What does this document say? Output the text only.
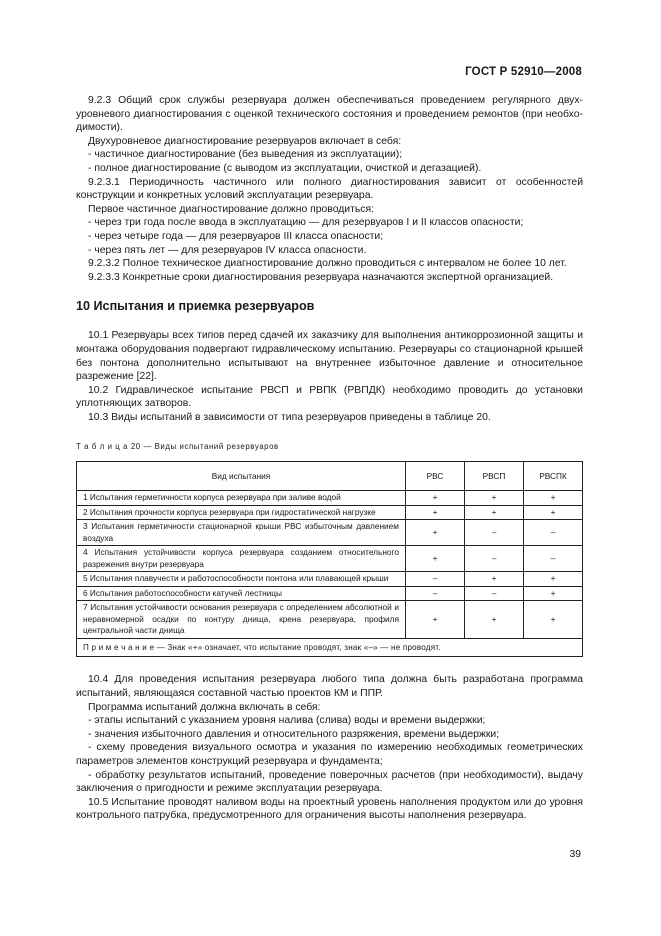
ГОСТ Р 52910—2008

9.2.3 Общий срок службы резервуара должен обеспечиваться проведением регулярного двухуровневого диагностирования с оценкой технического состояния и проведением ремонтов (при необходимости).

Двухуровневое диагностирование резервуаров включает в себя:

- частичное диагностирование (без выведения из эксплуатации);

- полное диагностирование (с выводом из эксплуатации, очисткой и дегазацией).

9.2.3.1 Периодичность частичного или полного диагностирования зависит от особенностей конструкции и конкретных условий эксплуатации резервуара.

Первое частичное диагностирование должно проводиться:

- через три года после ввода в эксплуатацию — для резервуаров I и II классов опасности;

- через четыре года — для резервуаров III класса опасности;

- через пять лет — для резервуаров IV класса опасности.

9.2.3.2 Полное техническое диагностирование должно проводиться с интервалом не более 10 лет.

9.2.3.3 Конкретные сроки диагностирования резервуара назначаются экспертной организацией.

10 Испытания и приемка резервуаров

10.1 Резервуары всех типов перед сдачей их заказчику для выполнения антикоррозионной защиты и монтажа оборудования подвергают гидравлическому испытанию. Резервуары со стационарной крышей без понтона дополнительно испытывают на внутреннее избыточное давление и относительное разрежение [22].

10.2 Гидравлическое испытание РВСП и РВПК (РВПДК) необходимо проводить до установки уплотняющих затворов.

10.3 Виды испытаний в зависимости от типа резервуаров приведены в таблице 20.

Т а б л и ц а 20 — Виды испытаний резервуаров
Вид испытания	РВС	РВСП	РВСПК
1 Испытания герметичности корпуса резервуара при заливе водой	+	+	+
2 Испытания прочности корпуса резервуара при гидростатической нагрузке	+	+	+
3 Испытания герметичности стационарной крыши РВС избыточным давлением воздуха	+	–	–
4 Испытания устойчивости корпуса резервуара созданием относительного разрежения внутри резервуара	+	–	–
5 Испытания плавучести и работоспособности понтона или плавающей крыши	–	+	+
6 Испытания работоспособности катучей лестницы	–	–	+
7 Испытания устойчивости основания резервуара с определением абсолютной и неравномерной осадки по контуру днища, крена резервуара, профиля центральной части днища	+	+	+
П р и м е ч а н и е — Знак «+» означает, что испытание проводят, знак «–» — не проводят.			

10.4 Для проведения испытания резервуара любого типа должна быть разработана программа испытаний, являющаяся составной частью проектов КМ и ППР.

Программа испытаний должна включать в себя:

- этапы испытаний с указанием уровня налива (слива) воды и времени выдержки;

- значения избыточного давления и относительного разряжения, времени выдержки;

- схему проведения визуального осмотра и указания по измерению необходимых геометрических параметров элементов конструкций резервуара и фундамента;

- обработку результатов испытаний, проведение поверочных расчетов (при необходимости), выдачу заключения о пригодности и режиме эксплуатации резервуара.

10.5 Испытание проводят наливом воды на проектный уровень наполнения продуктом или до уровня контрольного патрубка, предусмотренного для ограничения высоты наполнения резервуара.

39
